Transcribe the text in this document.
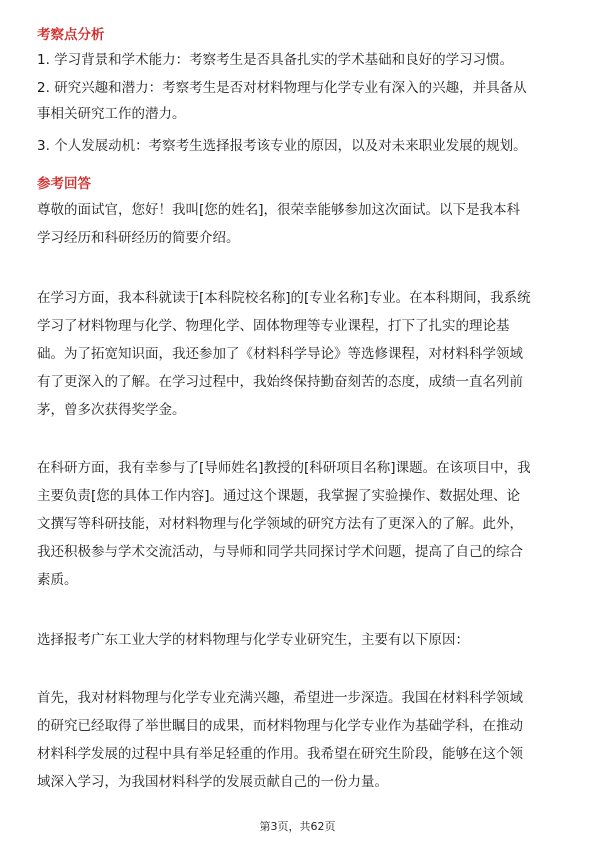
考察点分析
1. 学习背景和学术能力：考察考生是否具备扎实的学术基础和良好的学习习惯。
2. 研究兴趣和潜力：考察考生是否对材料物理与化学专业有深入的兴趣，并具备从
事相关研究工作的潜力。
3. 个人发展动机：考察考生选择报考该专业的原因，以及对未来职业发展的规划。
参考回答
尊敬的面试官，您好！我叫[您的姓名]，很荣幸能够参加这次面试。以下是我本科
学习经历和科研经历的简要介绍。
在学习方面，我本科就读于[本科院校名称]的[专业名称]专业。在本科期间，我系统
学习了材料物理与化学、物理化学、固体物理等专业课程，打下了扎实的理论基
础。为了拓宽知识面，我还参加了《材料科学导论》等选修课程，对材料科学领域
有了更深入的了解。在学习过程中，我始终保持勤奋刻苦的态度，成绩一直名列前
茅，曾多次获得奖学金。
在科研方面，我有幸参与了[导师姓名]教授的[科研项目名称]课题。在该项目中，我
主要负责[您的具体工作内容]。通过这个课题，我掌握了实验操作、数据处理、论
文撰写等科研技能，对材料物理与化学领域的研究方法有了更深入的了解。此外，
我还积极参与学术交流活动，与导师和同学共同探讨学术问题，提高了自己的综合
素质。
选择报考广东工业大学的材料物理与化学专业研究生，主要有以下原因：
首先，我对材料物理与化学专业充满兴趣，希望进一步深造。我国在材料科学领域
的研究已经取得了举世瞩目的成果，而材料物理与化学专业作为基础学科，在推动
材料科学发展的过程中具有举足轻重的作用。我希望在研究生阶段，能够在这个领
域深入学习，为我国材料科学的发展贡献自己的一份力量。
第3页，共62页
